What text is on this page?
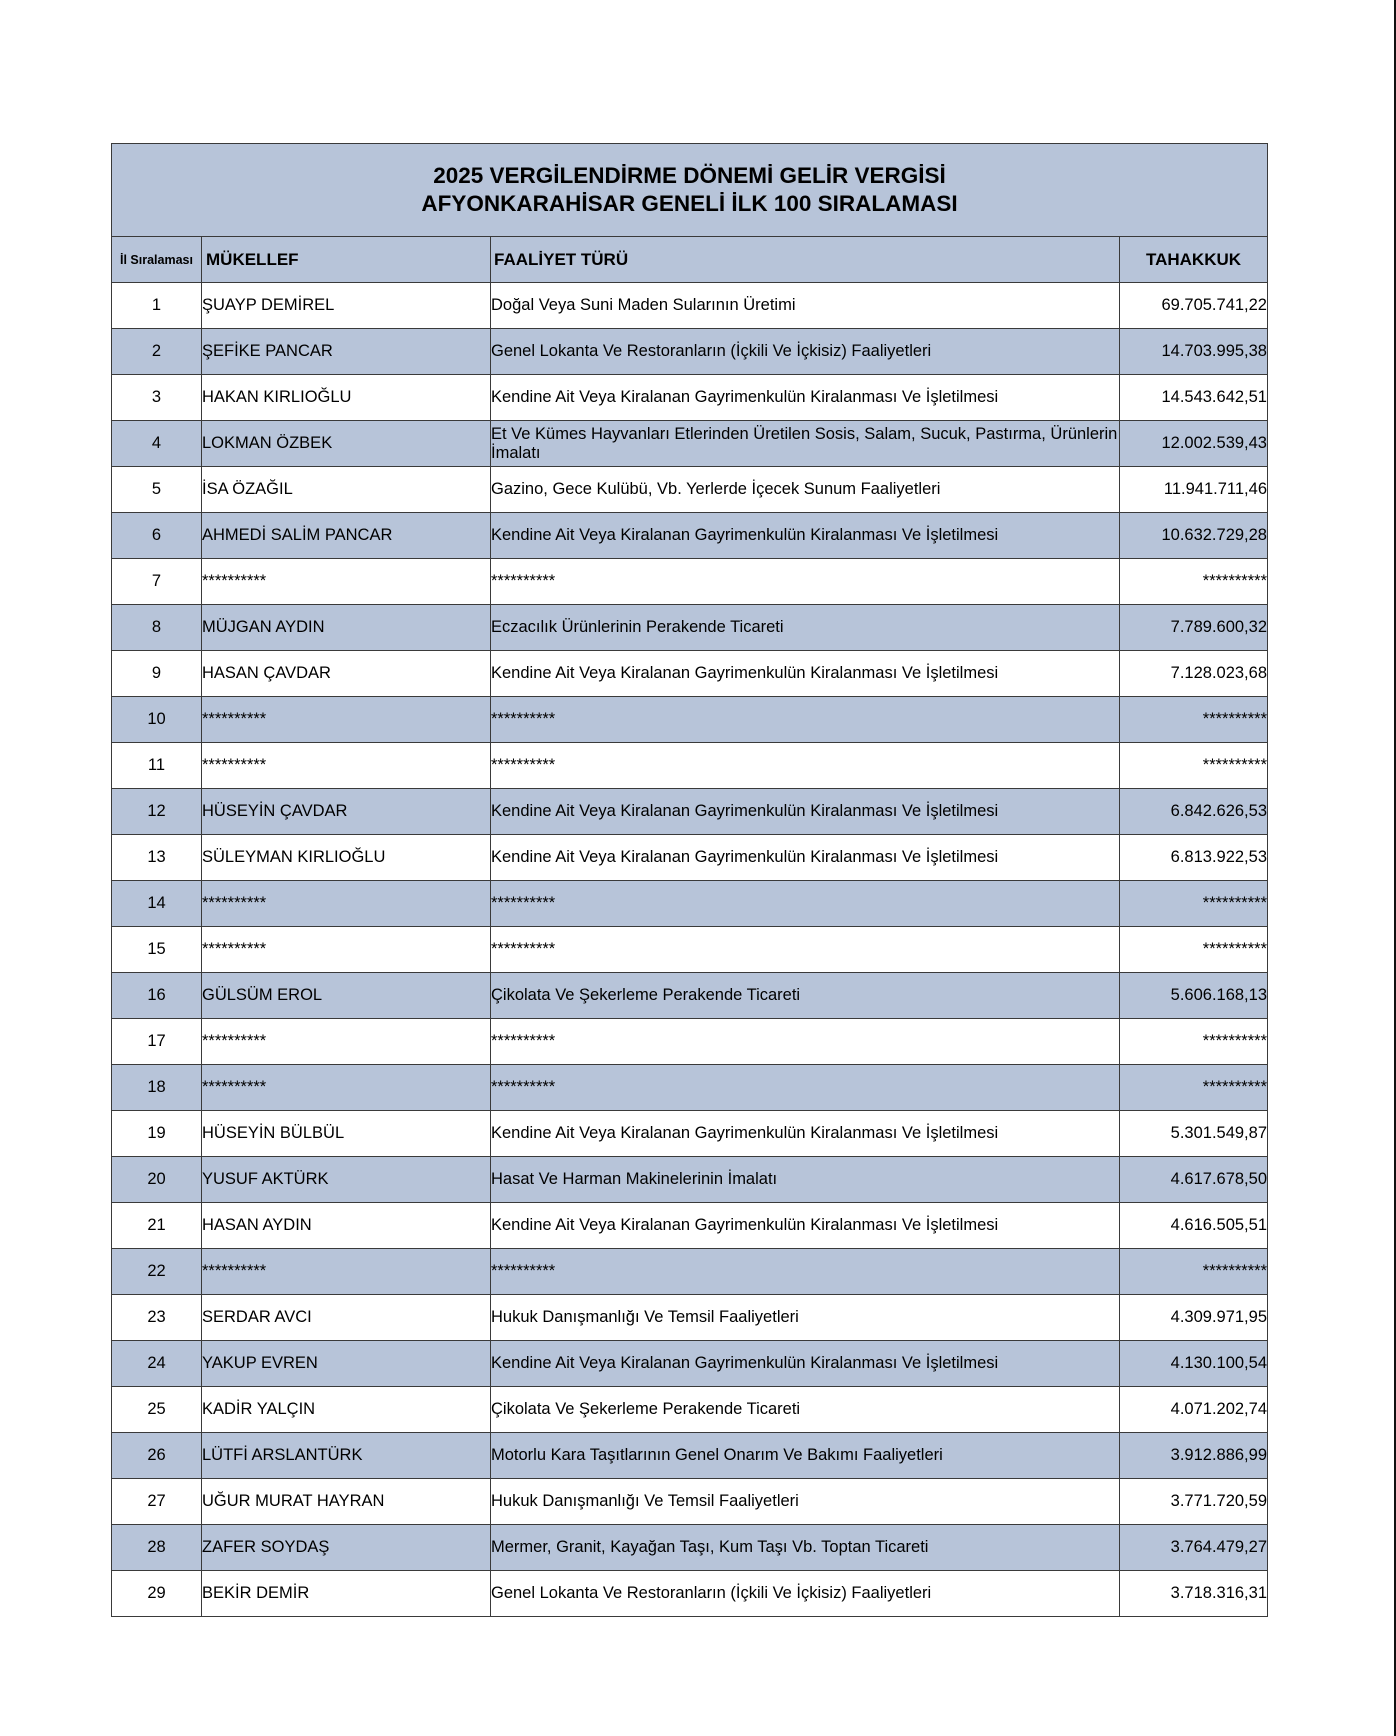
2025 VERGİLENDİRME DÖNEMİ GELİR VERGİSİ
AFYONKARAHİSAR GENELİ İLK 100 SIRALAMASI			

İl Sıralaması	MÜKELLEF	FAALİYET TÜRÜ	TAHAKKUK
1	ŞUAYP DEMİREL	Doğal Veya Suni Maden Sularının Üretimi	69.705.741,22
2	ŞEFİKE PANCAR	Genel Lokanta Ve Restoranların (İçkili Ve İçkisiz) Faaliyetleri	14.703.995,38
3	HAKAN KIRLIOĞLU	Kendine Ait Veya Kiralanan Gayrimenkulün Kiralanması Ve İşletilmesi	14.543.642,51
4	LOKMAN ÖZBEK	Et Ve Kümes Hayvanları Etlerinden Üretilen Sosis, Salam, Sucuk, Pastırma, Ürünlerin İmalatı	12.002.539,43
5	İSA ÖZAĞIL	Gazino, Gece Kulübü, Vb. Yerlerde İçecek Sunum Faaliyetleri	11.941.711,46
6	AHMEDİ SALİM PANCAR	Kendine Ait Veya Kiralanan Gayrimenkulün Kiralanması Ve İşletilmesi	10.632.729,28
7	**********	**********	**********
8	MÜJGAN AYDIN	Eczacılık Ürünlerinin Perakende Ticareti	7.789.600,32
9	HASAN ÇAVDAR	Kendine Ait Veya Kiralanan Gayrimenkulün Kiralanması Ve İşletilmesi	7.128.023,68
10	**********	**********	**********
11	**********	**********	**********
12	HÜSEYİN ÇAVDAR	Kendine Ait Veya Kiralanan Gayrimenkulün Kiralanması Ve İşletilmesi	6.842.626,53
13	SÜLEYMAN KIRLIOĞLU	Kendine Ait Veya Kiralanan Gayrimenkulün Kiralanması Ve İşletilmesi	6.813.922,53
14	**********	**********	**********
15	**********	**********	**********
16	GÜLSÜM EROL	Çikolata Ve Şekerleme Perakende Ticareti	5.606.168,13
17	**********	**********	**********
18	**********	**********	**********
19	HÜSEYİN BÜLBÜL	Kendine Ait Veya Kiralanan Gayrimenkulün Kiralanması Ve İşletilmesi	5.301.549,87
20	YUSUF AKTÜRK	Hasat Ve Harman Makinelerinin İmalatı	4.617.678,50
21	HASAN AYDIN	Kendine Ait Veya Kiralanan Gayrimenkulün Kiralanması Ve İşletilmesi	4.616.505,51
22	**********	**********	**********
23	SERDAR AVCI	Hukuk Danışmanlığı Ve Temsil Faaliyetleri	4.309.971,95
24	YAKUP EVREN	Kendine Ait Veya Kiralanan Gayrimenkulün Kiralanması Ve İşletilmesi	4.130.100,54
25	KADİR YALÇIN	Çikolata Ve Şekerleme Perakende Ticareti	4.071.202,74
26	LÜTFİ ARSLANTÜRK	Motorlu Kara Taşıtlarının Genel Onarım Ve Bakımı Faaliyetleri	3.912.886,99
27	UĞUR MURAT HAYRAN	Hukuk Danışmanlığı Ve Temsil Faaliyetleri	3.771.720,59
28	ZAFER SOYDAŞ	Mermer, Granit, Kayağan Taşı, Kum Taşı Vb. Toptan Ticareti	3.764.479,27
29	BEKİR DEMİR	Genel Lokanta Ve Restoranların (İçkili Ve İçkisiz) Faaliyetleri	3.718.316,31
